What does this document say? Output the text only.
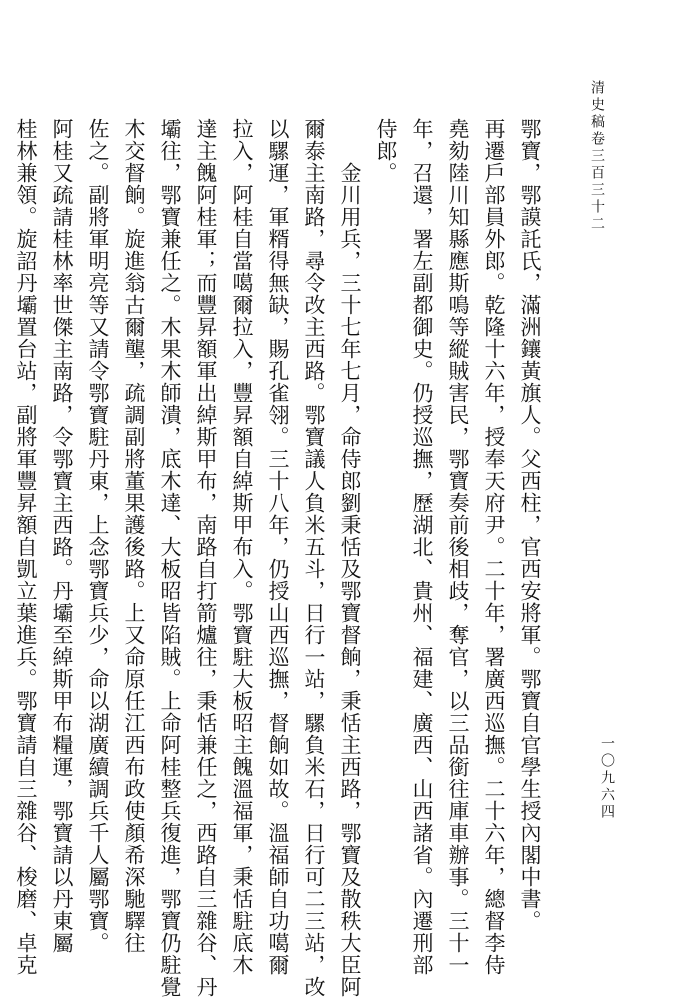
清史稿卷三百三十二
一〇九六四
鄂寶，鄂謨託氏，滿洲鑲黃旗人。父西柱，官西安將軍。鄂寶自官學生授內閣中書。
再遷戶部員外郎。乾隆十六年，授奉天府尹。二十年，署廣西巡撫。二十六年，總督李侍
堯劾陸川知縣應斯鳴等縱賊害民，鄂寶奏前後相歧，奪官，以三品銜往庫車辦事。三十一
年，召還，署左副都御史。仍授巡撫，歷湖北、貴州、福建、廣西、山西諸省。內遷刑部
侍郎。
金川用兵，三十七年七月，命侍郎劉秉恬及鄂寶督餉，秉恬主西路，鄂寶及散秩大臣阿
爾泰主南路，尋令改主西路。鄂寶議人負米五斗，日行一站，騾負米石，日行可二三站，改
以騾運，軍糈得無缺，賜孔雀翎。三十八年，仍授山西巡撫，督餉如故。溫福師自功噶爾
拉入，阿桂自當噶爾拉入，豐昇額自綽斯甲布入。鄂寶駐大板昭主餽溫福軍，秉恬駐底木
達主餽阿桂軍；而豐昇額軍出綽斯甲布，南路自打箭爐往，秉恬兼任之，西路自三雜谷、丹
壩往，鄂寶兼任之。木果木師潰，底木達、大板昭皆陷賊。上命阿桂整兵復進，鄂寶仍駐覺
木交督餉。旋進翁古爾壟，疏調副將董果護後路。上又命原任江西布政使顏希深馳驛往
佐之。副將軍明亮等又請令鄂寶駐丹東，上念鄂寶兵少，命以湖廣續調兵千人屬鄂寶。
阿桂又疏請桂林率世傑主南路，令鄂寶主西路。丹壩至綽斯甲布糧運，鄂寶請以丹東屬
桂林兼領。旋詔丹壩置台站，副將軍豐昇額自凱立葉進兵。鄂寶請自三雜谷、梭磨、卓克
